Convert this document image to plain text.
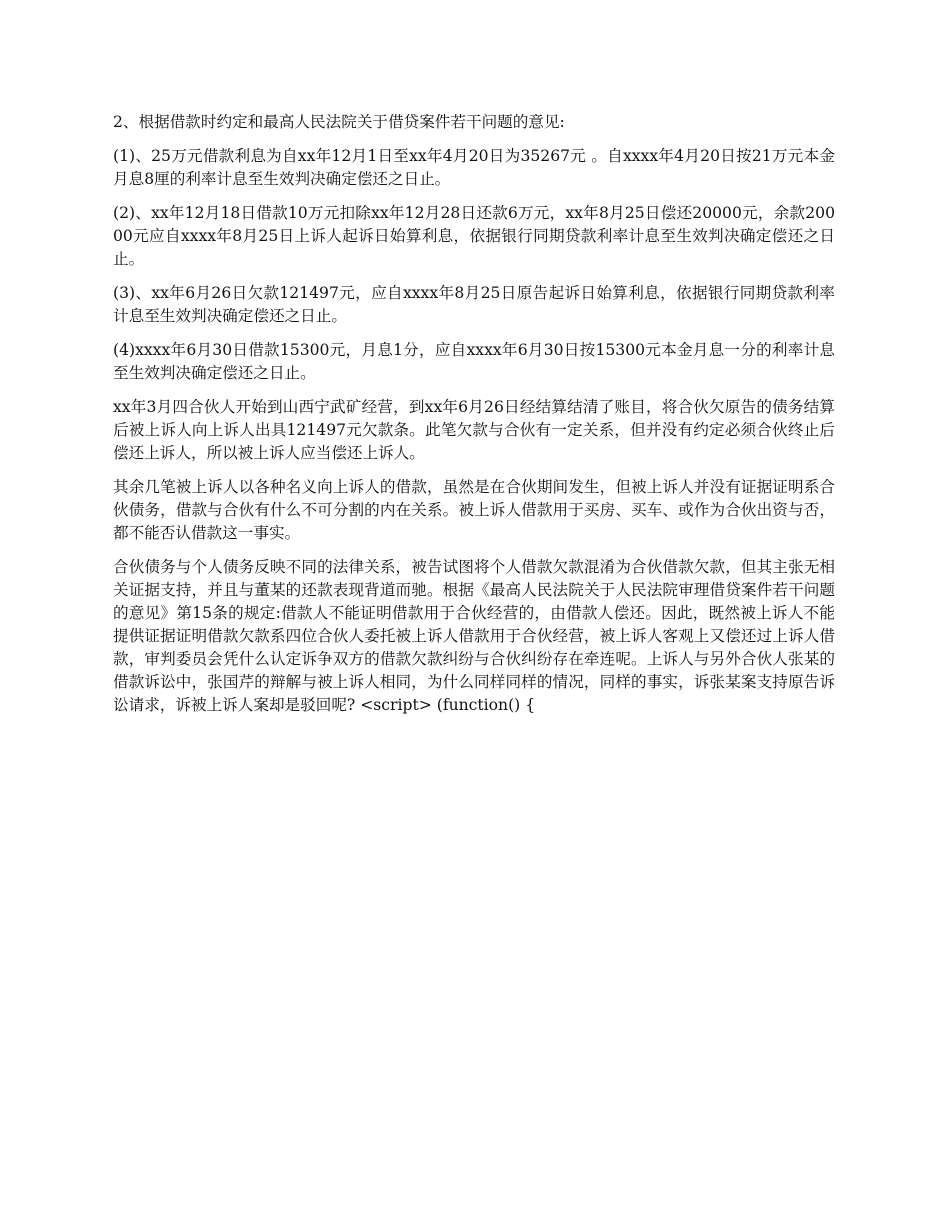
2、根据借款时约定和最高人民法院关于借贷案件若干问题的意见:

(1)、25万元借款利息为自xx年12月1日至xx年4月20日为35267元 。自xxxx年4月20日按21万元本金月息8厘的利率计息至生效判决确定偿还之日止。

(2)、xx年12月18日借款10万元扣除xx年12月28日还款6万元，xx年8月25日偿还20000元，余款20000元应自xxxx年8月25日上诉人起诉日始算利息，依据银行同期贷款利率计息至生效判决确定偿还之日止。

(3)、xx年6月26日欠款121497元，应自xxxx年8月25日原告起诉日始算利息，依据银行同期贷款利率计息至生效判决确定偿还之日止。

(4)xxxx年6月30日借款15300元，月息1分，应自xxxx年6月30日按15300元本金月息一分的利率计息至生效判决确定偿还之日止。

xx年3月四合伙人开始到山西宁武矿经营，到xx年6月26日经结算结清了账目，将合伙欠原告的债务结算后被上诉人向上诉人出具121497元欠款条。此笔欠款与合伙有一定关系，但并没有约定必须合伙终止后偿还上诉人，所以被上诉人应当偿还上诉人。

其余几笔被上诉人以各种名义向上诉人的借款，虽然是在合伙期间发生，但被上诉人并没有证据证明系合伙债务，借款与合伙有什么不可分割的内在关系。被上诉人借款用于买房、买车、或作为合伙出资与否，都不能否认借款这一事实。

合伙债务与个人债务反映不同的法律关系，被告试图将个人借款欠款混淆为合伙借款欠款，但其主张无相关证据支持，并且与董某的还款表现背道而驰。根据《最高人民法院关于人民法院审理借贷案件若干问题的意见》第15条的规定:借款人不能证明借款用于合伙经营的，由借款人偿还。因此，既然被上诉人不能提供证据证明借款欠款系四位合伙人委托被上诉人借款用于合伙经营，被上诉人客观上又偿还过上诉人借款，审判委员会凭什么认定诉争双方的借款欠款纠纷与合伙纠纷存在牵连呢。上诉人与另外合伙人张某的借款诉讼中，张国芹的辩解与被上诉人相同，为什么同样同样的情况，同样的事实，诉张某案支持原告诉讼请求，诉被上诉人案却是驳回呢? <script> (function() {
